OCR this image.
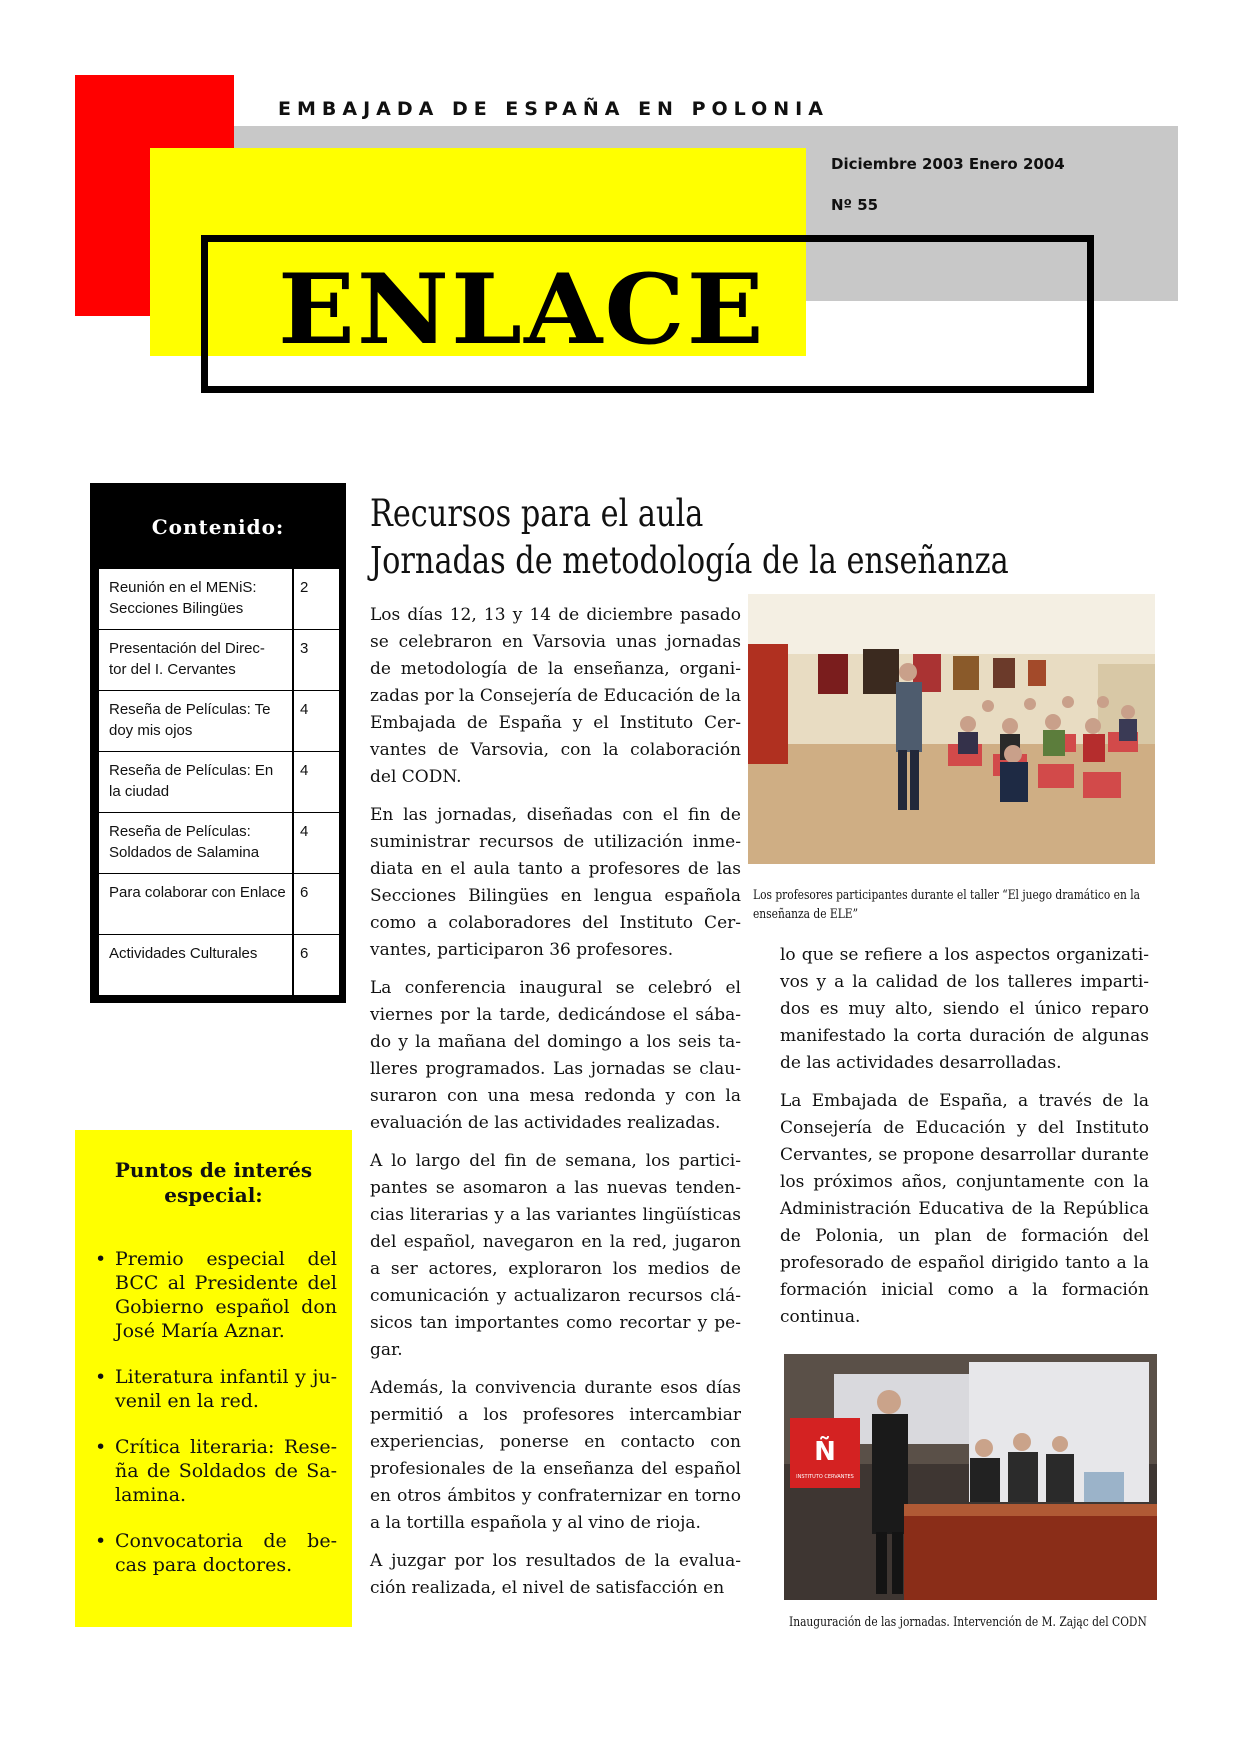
EMBAJADA DE ESPAÑA EN POLONIA
Diciembre 2003 Enero 2004
Nº 55
ENLACE
Contenido:
Reunión en el MENiS: Secciones Bilingües	2
Presentación del Direc- tor del I. Cervantes	3
Reseña de Películas: Te doy mis ojos	4
Reseña de Películas: En la ciudad	4
Reseña de Películas: Soldados de Salamina	4
Para colaborar con Enlace	6
Actividades Culturales	6
Puntos de interés especial:
• Premio especial del BCC al Presidente del Gobierno español don José María Aznar.
• Literatura infantil y ju- venil en la red.
• Crítica literaria: Rese- ña de Soldados de Sa- lamina.
• Convocatoria de be- cas para doctores.
Recursos para el aula
Jornadas de metodología de la enseñanza

Los días 12, 13 y 14 de diciembre pasado se celebraron en Varsovia unas jornadas de metodología de la enseñanza, organi- zadas por la Consejería de Educación de la Embajada de España y el Instituto Cer- vantes de Varsovia, con la colaboración del CODN.

En las jornadas, diseñadas con el fin de suministrar recursos de utilización inme- diata en el aula tanto a profesores de las Secciones Bilingües en lengua española como a colaboradores del Instituto Cer- vantes, participaron 36 profesores.

La conferencia inaugural se celebró el viernes por la tarde, dedicándose el sába- do y la mañana del domingo a los seis ta- lleres programados. Las jornadas se clau- suraron con una mesa redonda y con la evaluación de las actividades realizadas.

A lo largo del fin de semana, los partici- pantes se asomaron a las nuevas tenden- cias literarias y a las variantes lingüísticas del español, navegaron en la red, jugaron a ser actores, exploraron los medios de comunicación y actualizaron recursos clá- sicos tan importantes como recortar y pe- gar.

Además, la convivencia durante esos días permitió a los profesores intercambiar experiencias, ponerse en contacto con profesionales de la enseñanza del español en otros ámbitos y confraternizar en torno a la tortilla española y al vino de rioja.

A juzgar por los resultados de la evalua- ción realizada, el nivel de satisfacción en

lo que se refiere a los aspectos organizati- vos y a la calidad de los talleres imparti- dos es muy alto, siendo el único reparo manifestado la corta duración de algunas de las actividades desarrolladas.

La Embajada de España, a través de la Consejería de Educación y del Instituto Cervantes, se propone desarrollar durante los próximos años, conjuntamente con la Administración Educativa de la República de Polonia, un plan de formación del profesorado de español dirigido tanto a la formación inicial como a la formación continua.

Los profesores participantes durante el taller “El juego dramático en la enseñanza de ELE”
Ñ
INSTITUTO CERVANTES
Inauguración de las jornadas. Intervención de M. Zając del CODN
